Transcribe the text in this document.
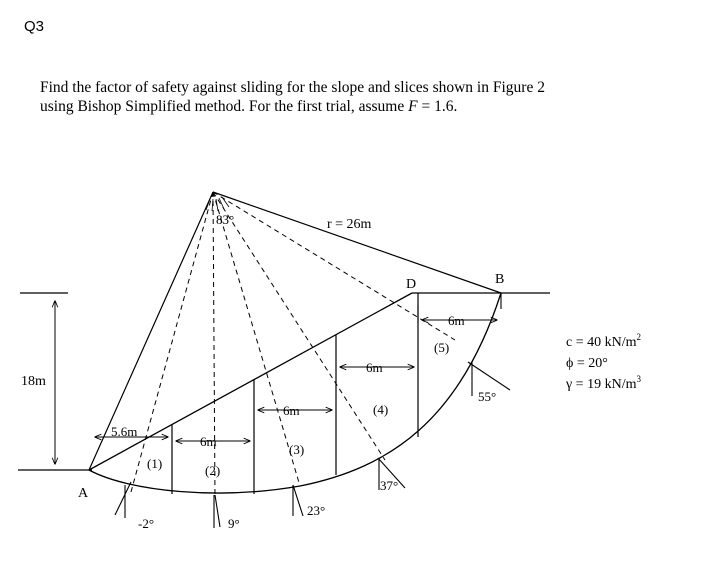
Q3
Find the factor of safety against sliding for the slope and slices shown in Figure 2
using Bishop Simplified method. For the first trial, assume F = 1.6.
r = 26m
83°
18m
A
D	B
5.6m
6m
6m
6m
6m
(1)	(2)
(3)
(4)
(5)
-2°	9°
23°
37°
55°
c = 40 $kN/m^2$
ϕ = 20°
γ = 19 $kN/m^3$
